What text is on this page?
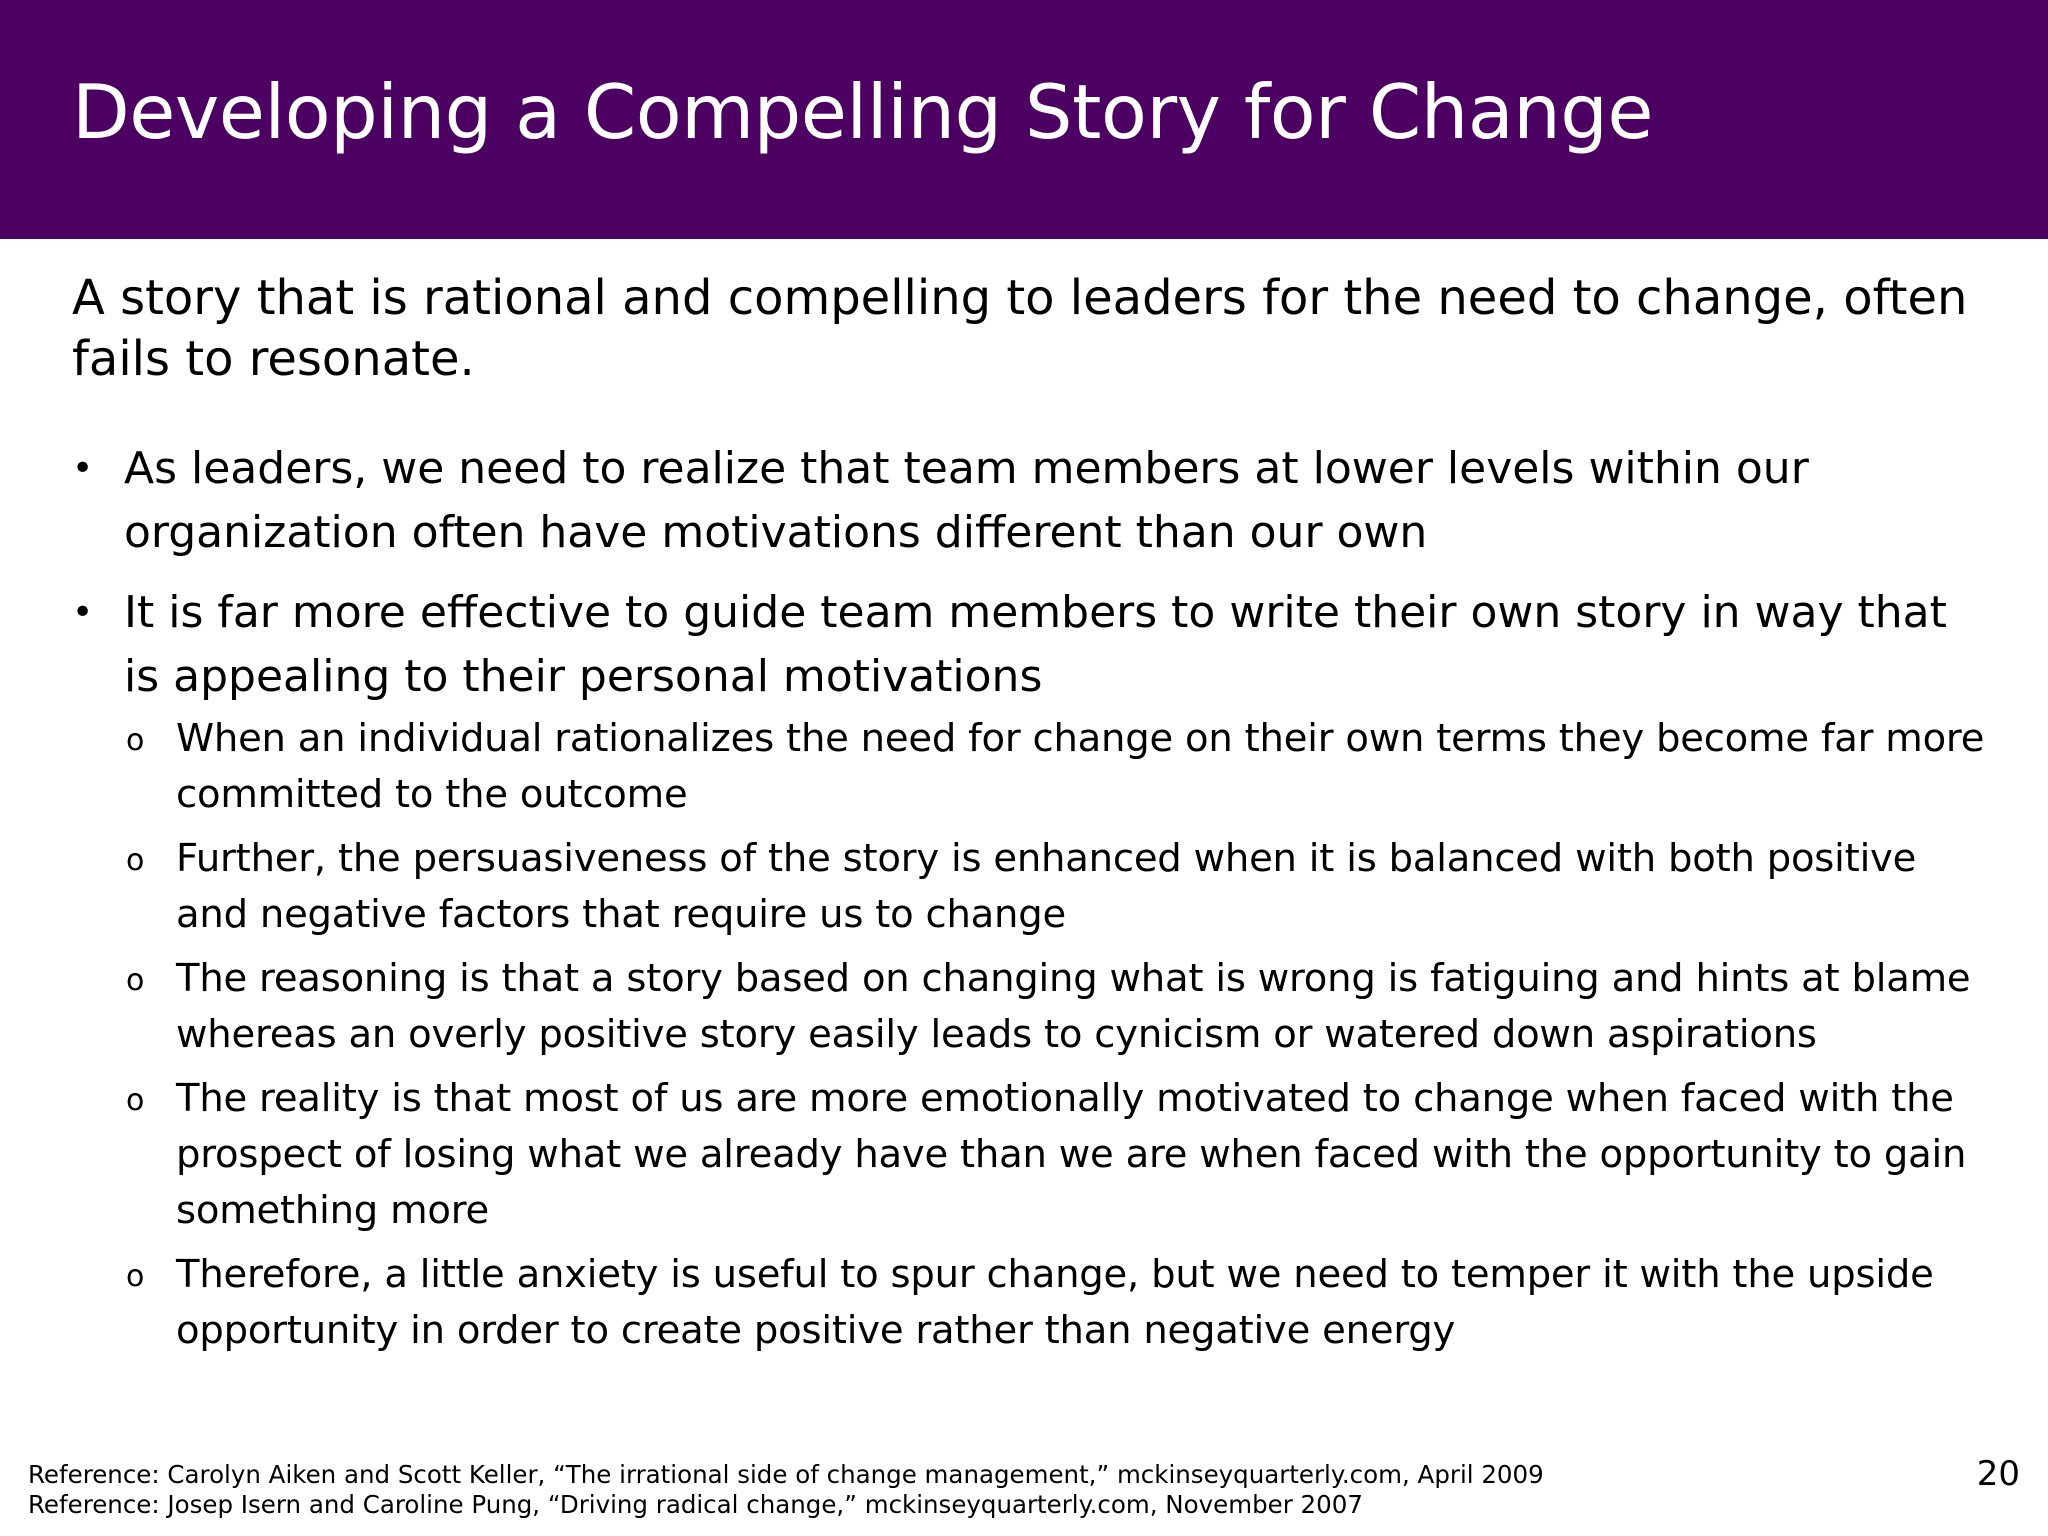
Developing a Compelling Story for Change
A story that is rational and compelling to leaders for the need to change, often fails to resonate.
• As leaders, we need to realize that team members at lower levels within our organization often have motivations different than our own
• It is far more effective to guide team members to write their own story in way that is appealing to their personal motivations
o When an individual rationalizes the need for change on their own terms they become far more committed to the outcome
o Further, the persuasiveness of the story is enhanced when it is balanced with both positive and negative factors that require us to change
o The reasoning is that a story based on changing what is wrong is fatiguing and hints at blame whereas an overly positive story easily leads to cynicism or watered down aspirations
o The reality is that most of us are more emotionally motivated to change when faced with the prospect of losing what we already have than we are when faced with the opportunity to gain something more
o Therefore, a little anxiety is useful to spur change, but we need to temper it with the upside opportunity in order to create positive rather than negative energy
Reference: Carolyn Aiken and Scott Keller, “The irrational side of change management,” mckinseyquarterly.com, April 2009
Reference: Josep Isern and Caroline Pung, “Driving radical change,” mckinseyquarterly.com, November 2007
20
